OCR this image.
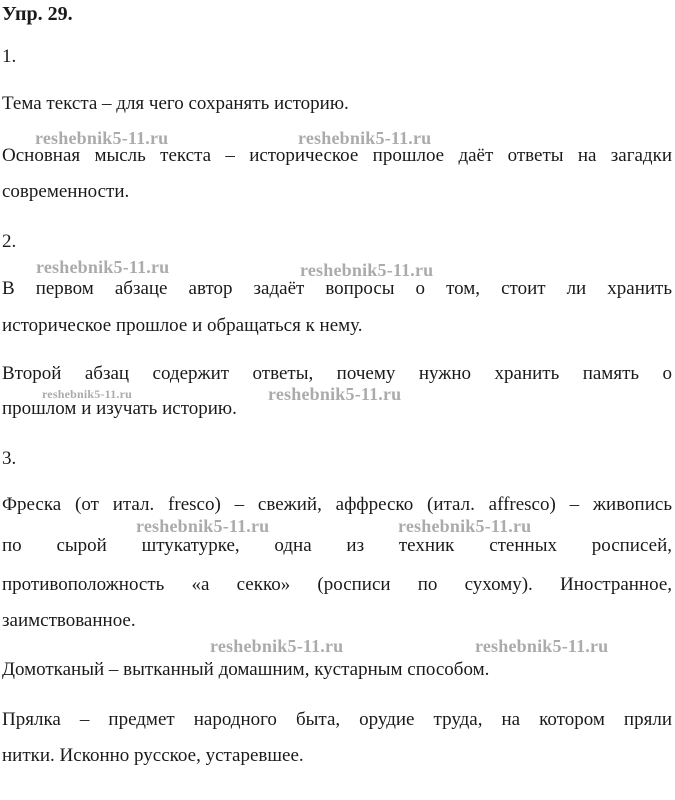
Упр. 29.

1.

Тема текста – для чего сохранять историю.

Основная мысль текста – историческое прошлое даёт ответы на загадки

современности.

2.

В первом абзаце автор задаёт вопросы о том, стоит ли хранить

историческое прошлое и обращаться к нему.

Второй абзац содержит ответы, почему нужно хранить память о

прошлом и изучать историю.

3.

Фреска (от итал. fresco) – свежий, аффреско (итал. affresco) – живопись

по сырой штукатурке, одна из техник стенных росписей,

противоположность «а секко» (росписи по сухому). Иностранное,

заимствованное.

Домотканый – вытканный домашним, кустарным способом.

Прялка – предмет народного быта, орудие труда, на котором пряли

нитки. Исконно русское, устаревшее.

reshebnik5-11.ru	reshebnik5-11.ru
reshebnik5-11.ru	reshebnik5-11.ru
reshebnik5-11.ru	reshebnik5-11.ru
reshebnik5-11.ru	reshebnik5-11.ru
reshebnik5-11.ru	reshebnik5-11.ru
